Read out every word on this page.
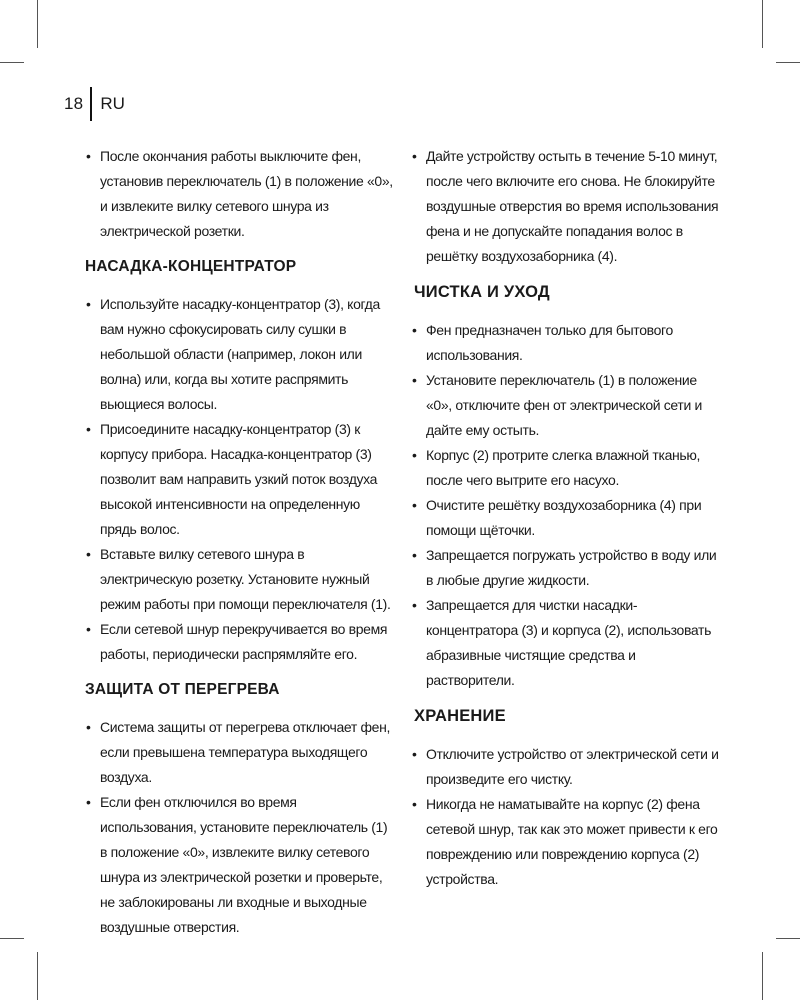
18 RU
• После окончания работы выключите фен, установив переключатель (1) в положение «0», и извлеките вилку сетевого шнура из электрической розетки.
НАСАДКА-КОНЦЕНТРАТОР
• Используйте насадку-концентратор (3), когда вам нужно сфокусировать силу сушки в небольшой области (например, локон или волна) или, когда вы хотите распрямить вьющиеся волосы.
• Присоедините насадку-концентратор (3) к корпусу прибора. Насадка-концентратор (3) позволит вам направить узкий поток воздуха высокой интенсивности на определенную прядь волос.
• Вставьте вилку сетевого шнура в электрическую розетку. Установите нужный режим работы при помощи переключателя (1).
• Если сетевой шнур перекручивается во время работы, периодически распрямляйте его.
ЗАЩИТА ОТ ПЕРЕГРЕВА
• Система защиты от перегрева отключает фен, если превышена температура выходящего воздуха.
• Если фен отключился во время использования, установите переключатель (1) в положение «0», извлеките вилку сетевого шнура из электрической розетки и проверьте, не заблокированы ли входные и выходные воздушные отверстия.
• Дайте устройству остыть в течение 5-10 минут, после чего включите его снова. Не блокируйте воздушные отверстия во время использования фена и не допускайте попадания волос в решётку воздухозаборника (4).
ЧИСТКА И УХОД
• Фен предназначен только для бытового использования.
• Установите переключатель (1) в положение «0», отключите фен от электрической сети и дайте ему остыть.
• Корпус (2) протрите слегка влажной тканью, после чего вытрите его насухо.
• Очистите решётку воздухозаборника (4) при помощи щёточки.
• Запрещается погружать устройство в воду или в любые другие жидкости.
• Запрещается для чистки насадки-концентратора (3) и корпуса (2), использовать абразивные чистящие средства и растворители.
ХРАНЕНИЕ
• Отключите устройство от электрической сети и произведите его чистку.
• Никогда не наматывайте на корпус (2) фена сетевой шнур, так как это может привести к его повреждению или повреждению корпуса (2) устройства.
